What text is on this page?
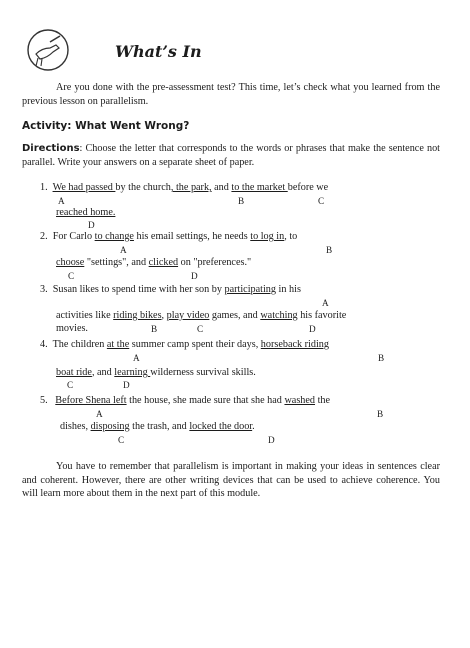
What’s In
Are you done with the pre-assessment test? This time, let’s check what you learned from the previous lesson on parallelism.
Activity: What Went Wrong?
Directions: Choose the letter that corresponds to the words or phrases that make the sentence not parallel. Write your answers on a separate sheet of paper.
1. We had passed by the church, the park, and to the market before we
A	B	C
reached home.
D
2. For Carlo to change his email settings, he needs to log in, to
A	B
choose "settings", and clicked on "preferences."
C	D
3. Susan likes to spend time with her son by participating in his
A
activities like riding bikes, play video games, and watching his favorite
movies.	B	C	D
4. The children at the summer camp spent their days, horseback riding
A	B
boat ride, and learning wilderness survival skills.
C	D
5. Before Shena left the house, she made sure that she had washed the
A	B
dishes, disposing the trash, and locked the door.
C	D
You have to remember that parallelism is important in making your ideas in sentences clear and coherent. However, there are other writing devices that can be used to achieve coherence. You will learn more about them in the next part of this module.
